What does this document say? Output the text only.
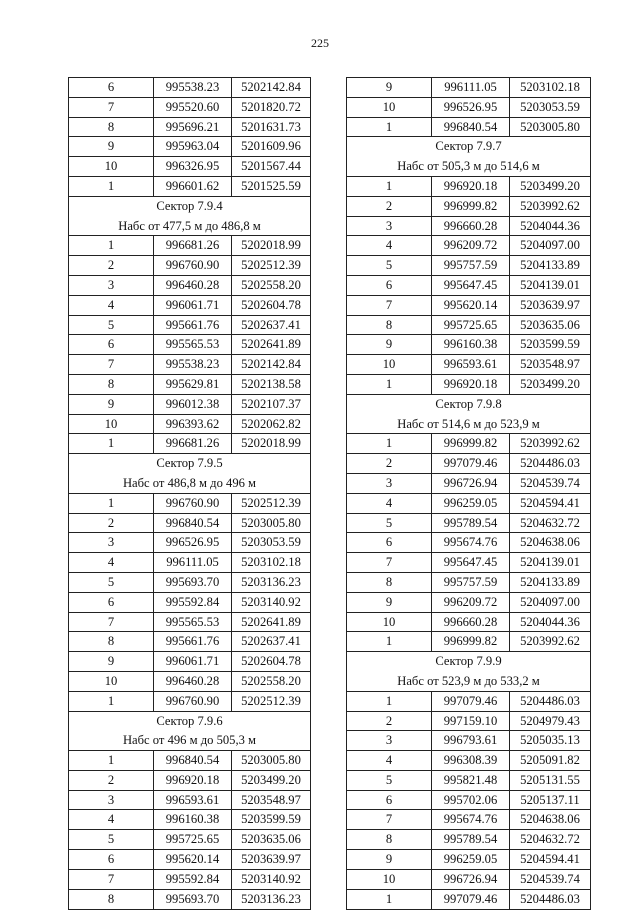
225
6	995538.23	5202142.84
7	995520.60	5201820.72
8	995696.21	5201631.73
9	995963.04	5201609.96
10	996326.95	5201567.44
1	996601.62	5201525.59
Сектор 7.9.4
Набс от 477,5 м до 486,8 м
1	996681.26	5202018.99
2	996760.90	5202512.39
3	996460.28	5202558.20
4	996061.71	5202604.78
5	995661.76	5202637.41
6	995565.53	5202641.89
7	995538.23	5202142.84
8	995629.81	5202138.58
9	996012.38	5202107.37
10	996393.62	5202062.82
1	996681.26	5202018.99
Сектор 7.9.5
Набс от 486,8 м до 496 м
1	996760.90	5202512.39
2	996840.54	5203005.80
3	996526.95	5203053.59
4	996111.05	5203102.18
5	995693.70	5203136.23
6	995592.84	5203140.92
7	995565.53	5202641.89
8	995661.76	5202637.41
9	996061.71	5202604.78
10	996460.28	5202558.20
1	996760.90	5202512.39
Сектор 7.9.6
Набс от 496 м до 505,3 м
1	996840.54	5203005.80
2	996920.18	5203499.20
3	996593.61	5203548.97
4	996160.38	5203599.59
5	995725.65	5203635.06
6	995620.14	5203639.97
7	995592.84	5203140.92
8	995693.70	5203136.23
9	996111.05	5203102.18
10	996526.95	5203053.59
1	996840.54	5203005.80
Сектор 7.9.7
Набс от 505,3 м до 514,6 м
1	996920.18	5203499.20
2	996999.82	5203992.62
3	996660.28	5204044.36
4	996209.72	5204097.00
5	995757.59	5204133.89
6	995647.45	5204139.01
7	995620.14	5203639.97
8	995725.65	5203635.06
9	996160.38	5203599.59
10	996593.61	5203548.97
1	996920.18	5203499.20
Сектор 7.9.8
Набс от 514,6 м до 523,9 м
1	996999.82	5203992.62
2	997079.46	5204486.03
3	996726.94	5204539.74
4	996259.05	5204594.41
5	995789.54	5204632.72
6	995674.76	5204638.06
7	995647.45	5204139.01
8	995757.59	5204133.89
9	996209.72	5204097.00
10	996660.28	5204044.36
1	996999.82	5203992.62
Сектор 7.9.9
Набс от 523,9 м до 533,2 м
1	997079.46	5204486.03
2	997159.10	5204979.43
3	996793.61	5205035.13
4	996308.39	5205091.82
5	995821.48	5205131.55
6	995702.06	5205137.11
7	995674.76	5204638.06
8	995789.54	5204632.72
9	996259.05	5204594.41
10	996726.94	5204539.74
1	997079.46	5204486.03
